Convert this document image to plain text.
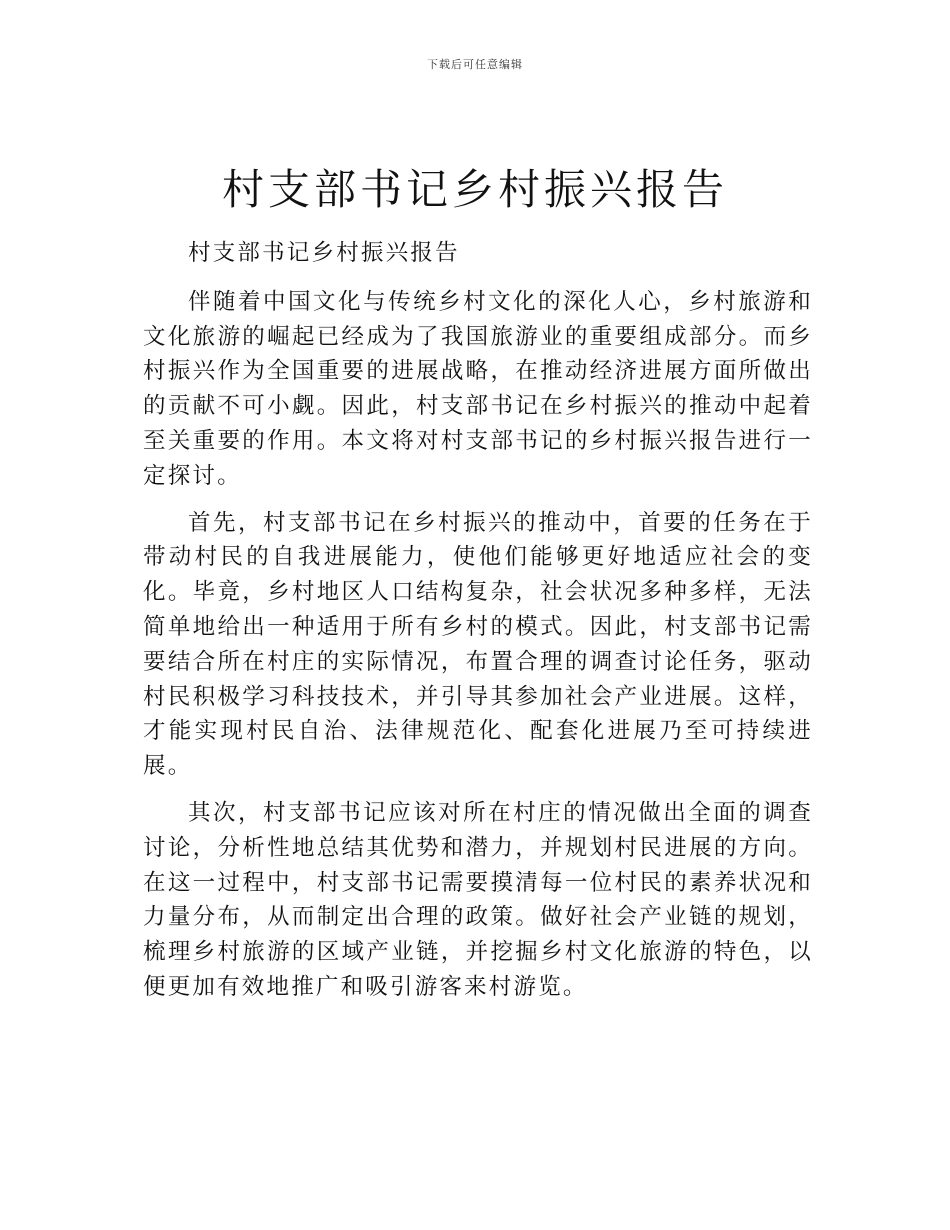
下载后可任意编辑
村支部书记乡村振兴报告

村支部书记乡村振兴报告

伴随着中国文化与传统乡村文化的深化人心，乡村旅游和文化旅游的崛起已经成为了我国旅游业的重要组成部分。而乡村振兴作为全国重要的进展战略，在推动经济进展方面所做出的贡献不可小觑。因此，村支部书记在乡村振兴的推动中起着至关重要的作用。本文将对村支部书记的乡村振兴报告进行一定探讨。

首先，村支部书记在乡村振兴的推动中，首要的任务在于带动村民的自我进展能力，使他们能够更好地适应社会的变化。毕竟，乡村地区人口结构复杂，社会状况多种多样，无法简单地给出一种适用于所有乡村的模式。因此，村支部书记需要结合所在村庄的实际情况，布置合理的调查讨论任务，驱动村民积极学习科技技术，并引导其参加社会产业进展。这样，才能实现村民自治、法律规范化、配套化进展乃至可持续进展。

其次，村支部书记应该对所在村庄的情况做出全面的调查讨论，分析性地总结其优势和潜力，并规划村民进展的方向。在这一过程中，村支部书记需要摸清每一位村民的素养状况和力量分布，从而制定出合理的政策。做好社会产业链的规划，梳理乡村旅游的区域产业链，并挖掘乡村文化旅游的特色，以便更加有效地推广和吸引游客来村游览。
